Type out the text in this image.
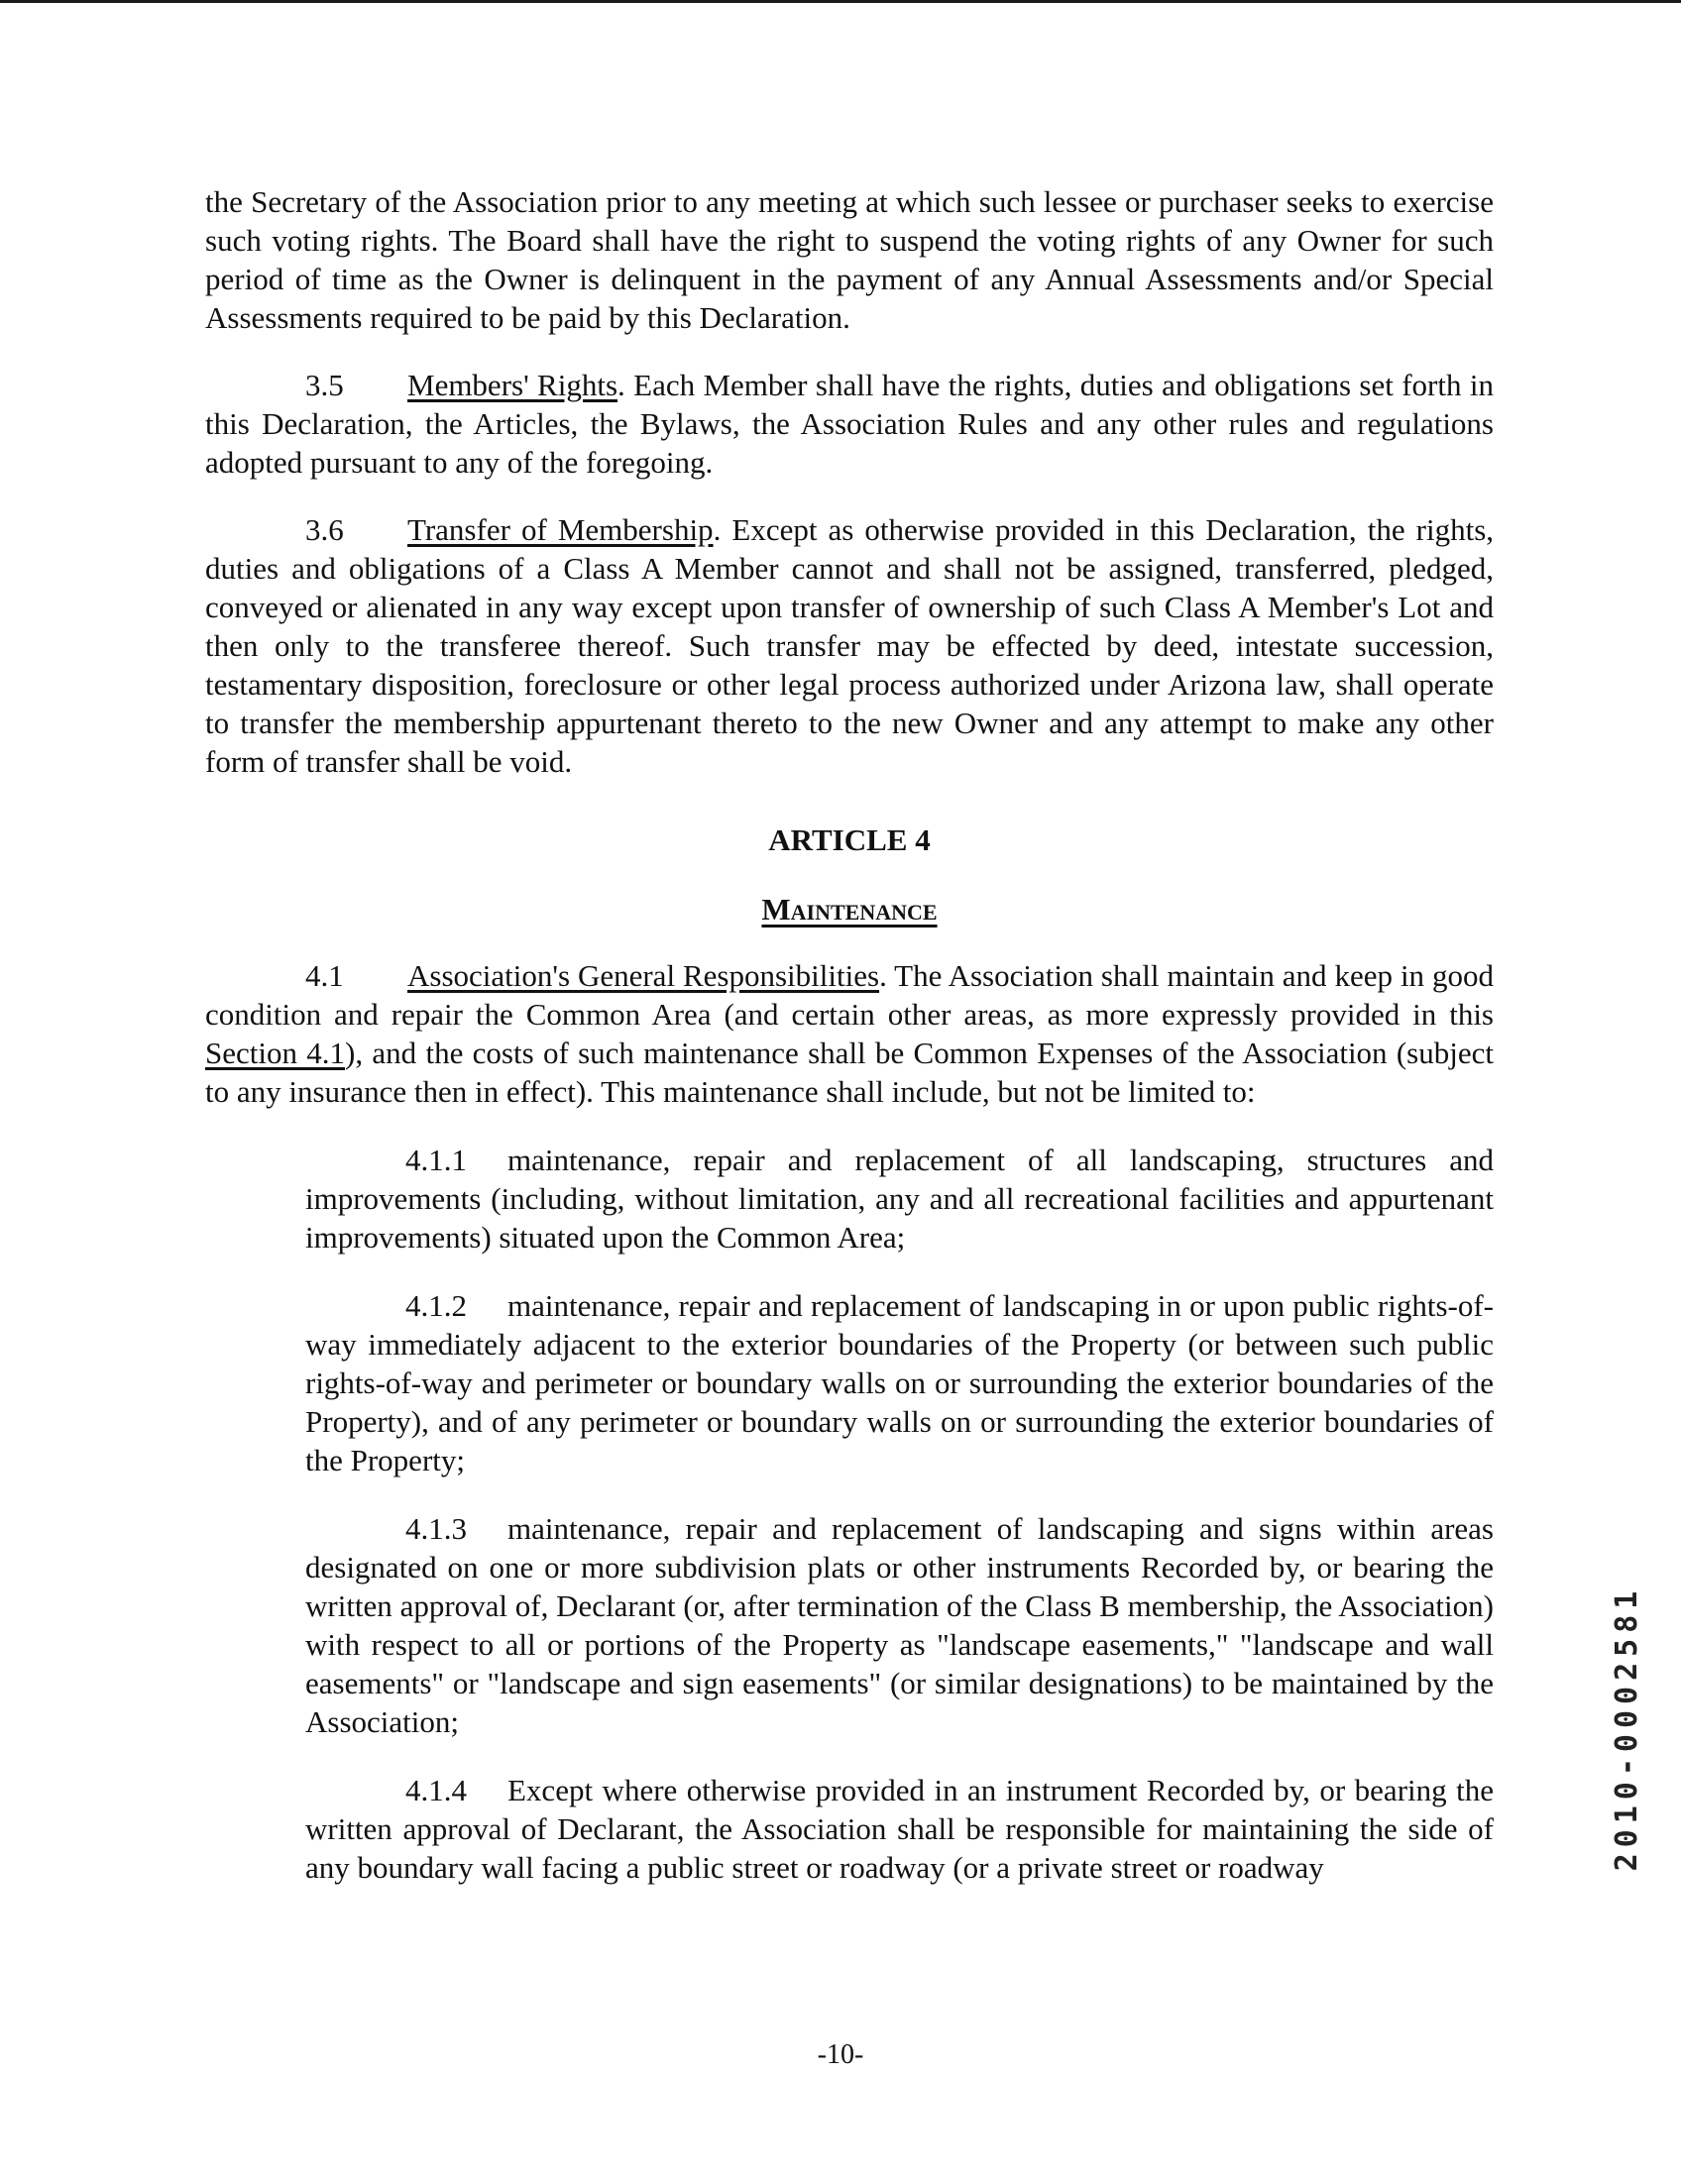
the Secretary of the Association prior to any meeting at which such lessee or purchaser seeks to exercise such voting rights. The Board shall have the right to suspend the voting rights of any Owner for such period of time as the Owner is delinquent in the payment of any Annual Assessments and/or Special Assessments required to be paid by this Declaration.

3.5 Members' Rights. Each Member shall have the rights, duties and obligations set forth in this Declaration, the Articles, the Bylaws, the Association Rules and any other rules and regulations adopted pursuant to any of the foregoing.

3.6 Transfer of Membership. Except as otherwise provided in this Declaration, the rights, duties and obligations of a Class A Member cannot and shall not be assigned, transferred, pledged, conveyed or alienated in any way except upon transfer of ownership of such Class A Member's Lot and then only to the transferee thereof. Such transfer may be effected by deed, intestate succession, testamentary disposition, foreclosure or other legal process authorized under Arizona law, shall operate to transfer the membership appurtenant thereto to the new Owner and any attempt to make any other form of transfer shall be void.

ARTICLE 4

Maintenance

4.1 Association's General Responsibilities. The Association shall maintain and keep in good condition and repair the Common Area (and certain other areas, as more expressly provided in this Section 4.1), and the costs of such maintenance shall be Common Expenses of the Association (subject to any insurance then in effect). This maintenance shall include, but not be limited to:

4.1.1 maintenance, repair and replacement of all landscaping, structures and improvements (including, without limitation, any and all recreational facilities and appurtenant improvements) situated upon the Common Area;

4.1.2 maintenance, repair and replacement of landscaping in or upon public rights-of-way immediately adjacent to the exterior boundaries of the Property (or between such public rights-of-way and perimeter or boundary walls on or surrounding the exterior boundaries of the Property), and of any perimeter or boundary walls on or surrounding the exterior boundaries of the Property;

4.1.3 maintenance, repair and replacement of landscaping and signs within areas designated on one or more subdivision plats or other instruments Recorded by, or bearing the written approval of, Declarant (or, after termination of the Class B membership, the Association) with respect to all or portions of the Property as "landscape easements," "landscape and wall easements" or "landscape and sign easements" (or similar designations) to be maintained by the Association;

4.1.4 Except where otherwise provided in an instrument Recorded by, or bearing the written approval of Declarant, the Association shall be responsible for maintaining the side of any boundary wall facing a public street or roadway (or a private street or roadway	2010-0002581
-10-
